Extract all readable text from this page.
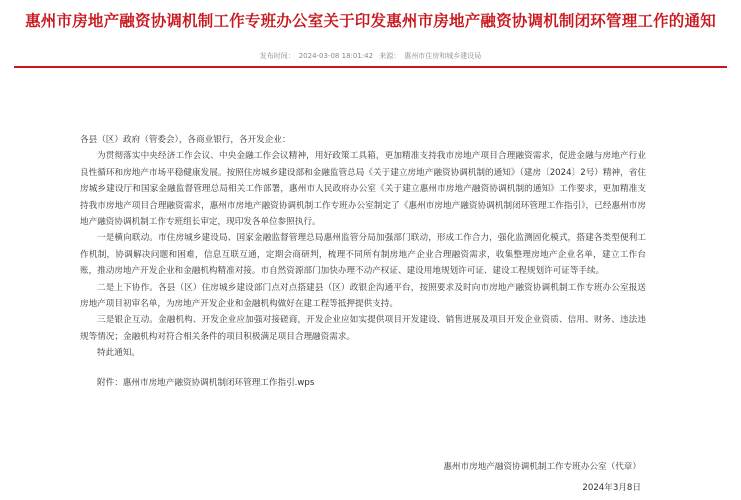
惠州市房地产融资协调机制工作专班办公室关于印发惠州市房地产融资协调机制闭环管理工作的通知
发布时间： 2024-03-08 18:01:42 来源： 惠州市住房和城乡建设局

各县（区）政府（管委会），各商业银行，各开发企业：

为贯彻落实中央经济工作会议、中央金融工作会议精神，用好政策工具箱，更加精准支持我市房地产项目合理融资需求，促进金融与房地产行业良性循环和房地产市场平稳健康发展。按照住房城乡建设部和金融监管总局《关于建立房地产融资协调机制的通知》（建房〔2024〕2号）精神，省住房城乡建设厅和国家金融监督管理总局相关工作部署，惠州市人民政府办公室《关于建立惠州市房地产融资协调机制的通知》工作要求，更加精准支持我市房地产项目合理融资需求，惠州市房地产融资协调机制工作专班办公室制定了《惠州市房地产融资协调机制闭环管理工作指引》，已经惠州市房地产融资协调机制工作专班组长审定，现印发各单位参照执行。

一是横向联动。市住房城乡建设局、国家金融监督管理总局惠州监管分局加强部门联动，形成工作合力，强化监测固化模式，搭建各类型便利工作机制，协调解决问题和困难，信息互联互通，定期会商研判，梳理不同所有制房地产企业合理融资需求，收集整理房地产企业名单，建立工作台账，推动房地产开发企业和金融机构精准对接。市自然资源部门加快办理不动产权证、建设用地规划许可证、建设工程规划许可证等手续。

二是上下协作。各县（区）住房城乡建设部门点对点搭建县（区）政银企沟通平台，按照要求及时向市房地产融资协调机制工作专班办公室报送房地产项目初审名单，为房地产开发企业和金融机构做好在建工程等抵押提供支持。

三是银企互动。金融机构、开发企业应加强对接磋商，开发企业应如实提供项目开发建设、销售进展及项目开发企业资质、信用、财务、违法违规等情况；金融机构对符合相关条件的项目积极满足项目合理融资需求。

特此通知。

附件：惠州市房地产融资协调机制闭环管理工作指引.wps

惠州市房地产融资协调机制工作专班办公室（代章）
2024年3月8日
